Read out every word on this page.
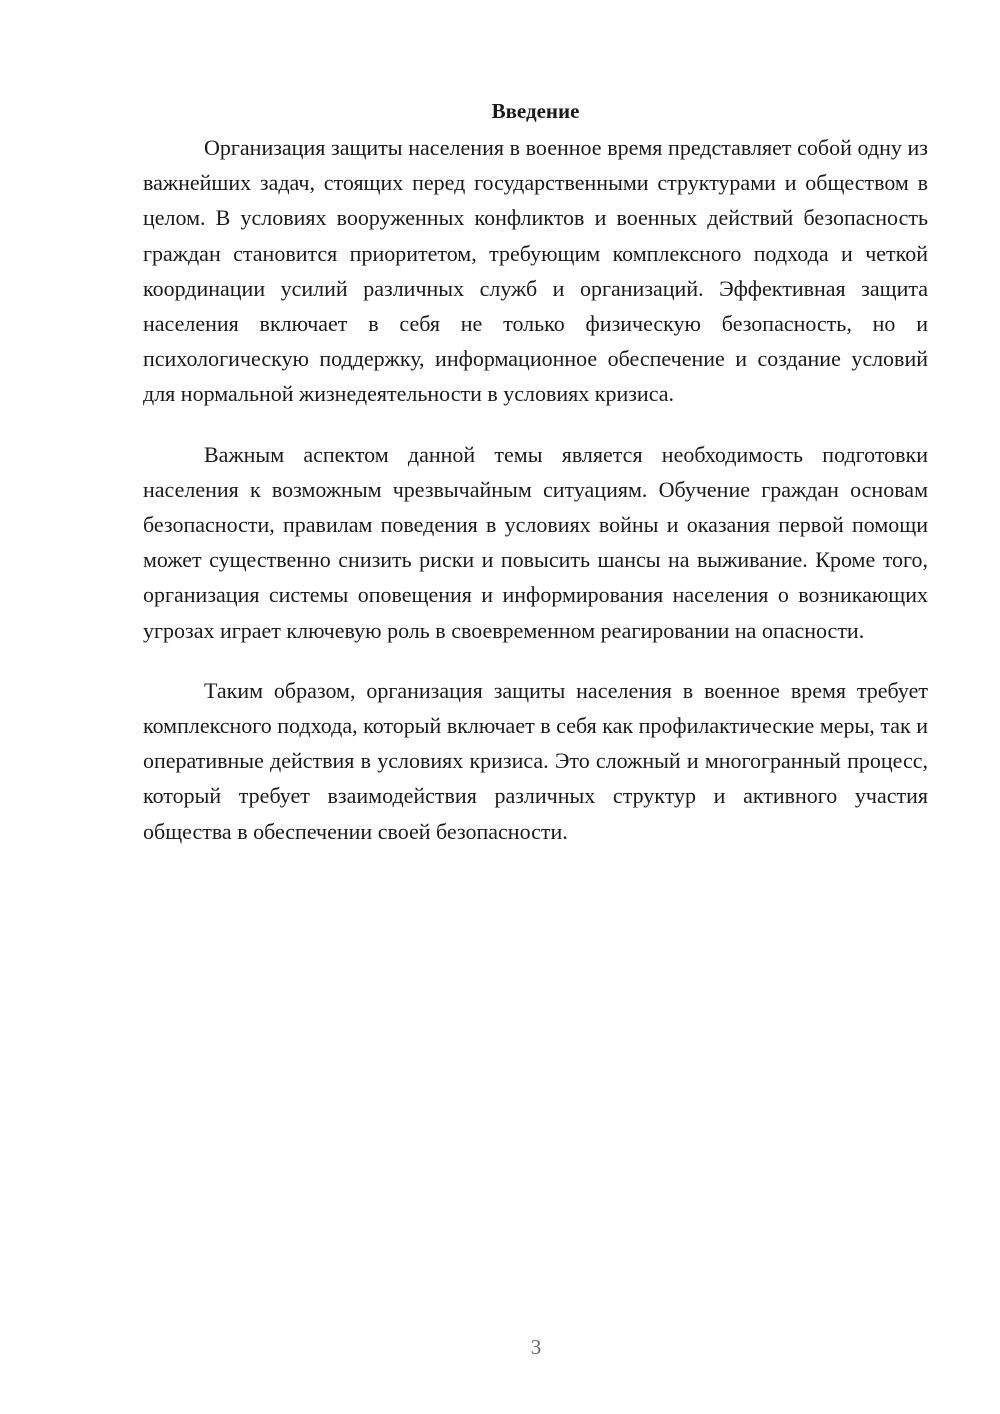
Введение

Организация защиты населения в военное время представляет собой одну из важнейших задач, стоящих перед государственными структурами и обществом в целом. В условиях вооруженных конфликтов и военных действий безопасность граждан становится приоритетом, требующим комплексного подхода и четкой координации усилий различных служб и организаций. Эффективная защита населения включает в себя не только физическую безопасность, но и психологическую поддержку, информационное обеспечение и создание условий для нормальной жизнедеятельности в условиях кризиса.

Важным аспектом данной темы является необходимость подготовки населения к возможным чрезвычайным ситуациям. Обучение граждан основам безопасности, правилам поведения в условиях войны и оказания первой помощи может существенно снизить риски и повысить шансы на выживание. Кроме того, организация системы оповещения и информирования населения о возникающих угрозах играет ключевую роль в своевременном реагировании на опасности.

Таким образом, организация защиты населения в военное время требует комплексного подхода, который включает в себя как профилактические меры, так и оперативные действия в условиях кризиса. Это сложный и многогранный процесс, который требует взаимодействия различных структур и активного участия общества в обеспечении своей безопасности.

3
